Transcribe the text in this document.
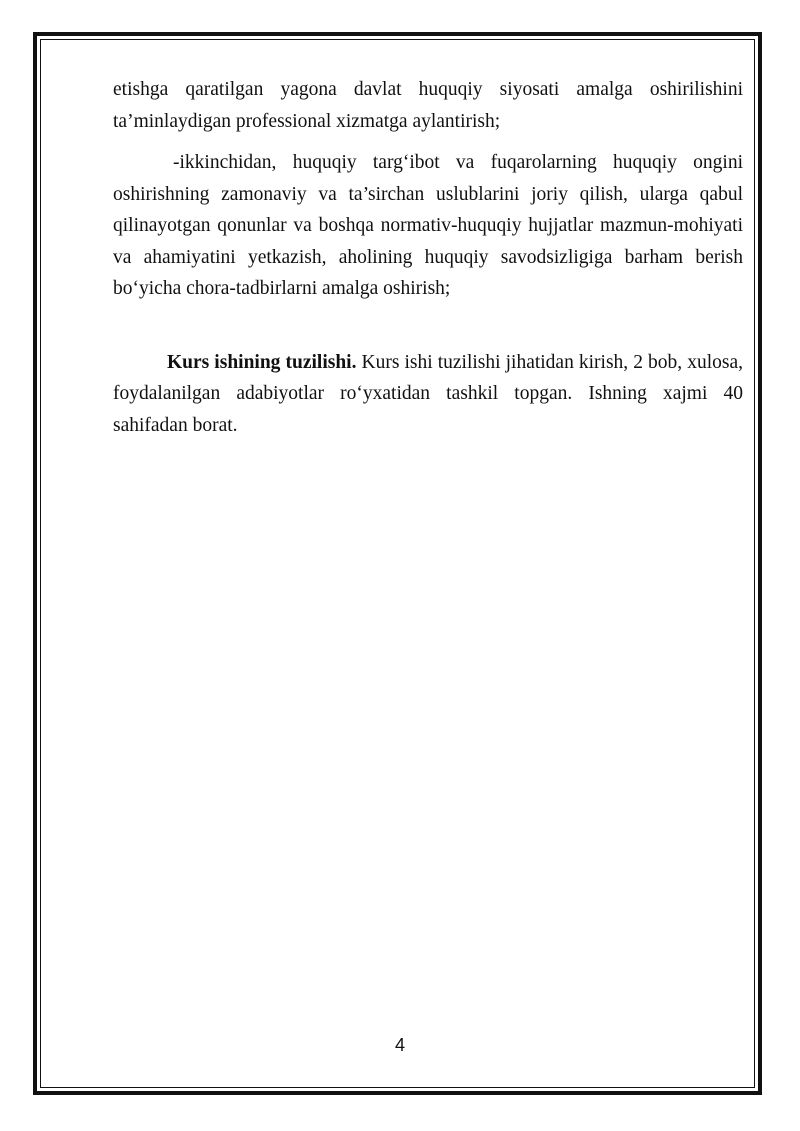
etishga qaratilgan yagona davlat huquqiy siyosati amalga oshirilishini ta’minlaydigan professional xizmatga aylantirish;

-ikkinchidan, huquqiy targ‘ibot va fuqarolarning huquqiy ongini oshirishning zamonaviy va ta’sirchan uslublarini joriy qilish, ularga qabul qilinayotgan qonunlar va boshqa normativ-huquqiy hujjatlar mazmun-mohiyati va ahamiyatini yetkazish, aholining huquqiy savodsizligiga barham berish bo‘yicha chora-tadbirlarni amalga oshirish;

Kurs ishining tuzilishi. Kurs ishi tuzilishi jihatidan kirish, 2 bob, xulosa, foydalanilgan adabiyotlar ro‘yxatidan tashkil topgan. Ishning xajmi 40 sahifadan borat.

4
